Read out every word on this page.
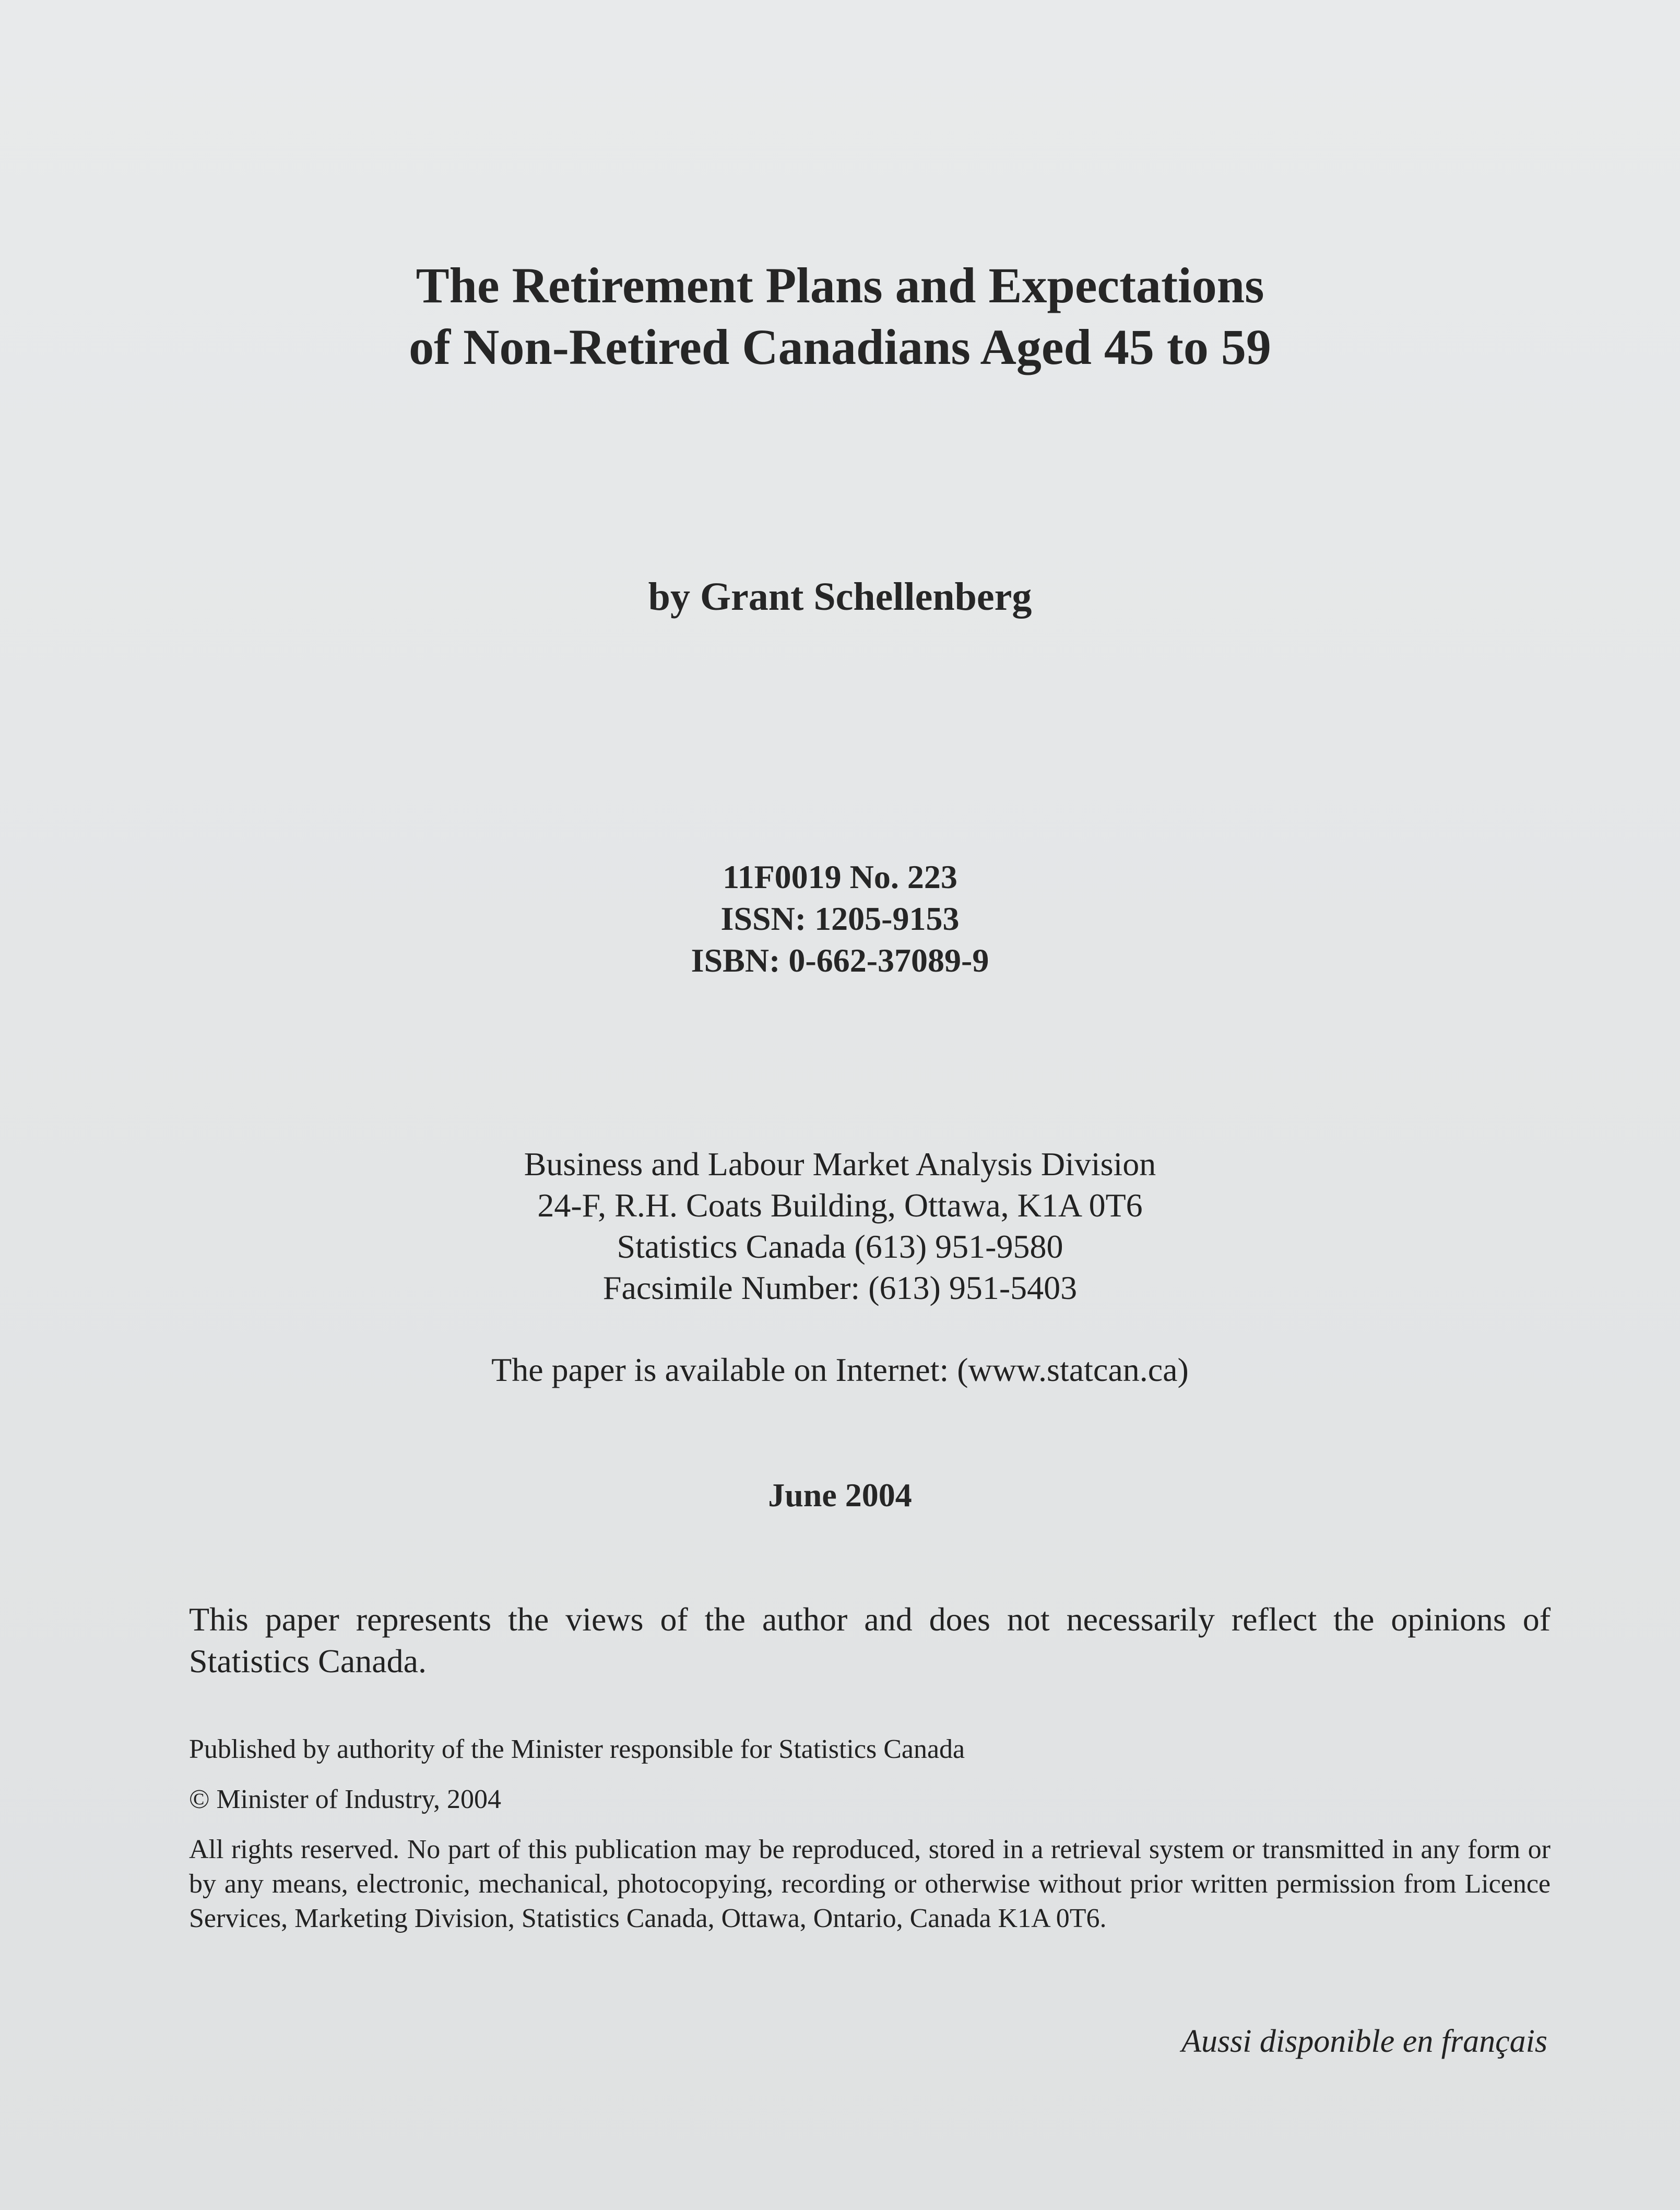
The Retirement Plans and Expectations
of Non-Retired Canadians Aged 45 to 59

by Grant Schellenberg

11F0019 No. 223
ISSN: 1205-9153
ISBN: 0-662-37089-9
Business and Labour Market Analysis Division
24-F, R.H. Coats Building, Ottawa, K1A 0T6
Statistics Canada (613) 951-9580
Facsimile Number: (613) 951-5403

The paper is available on Internet: (www.statcan.ca)

June 2004

This paper represents the views of the author and does not necessarily reflect the opinions of Statistics Canada.

Published by authority of the Minister responsible for Statistics Canada

© Minister of Industry, 2004

All rights reserved. No part of this publication may be reproduced, stored in a retrieval system or transmitted in any form or by any means, electronic, mechanical, photocopying, recording or otherwise without prior written permission from Licence Services, Marketing Division, Statistics Canada, Ottawa, Ontario, Canada K1A 0T6.

Aussi disponible en français
